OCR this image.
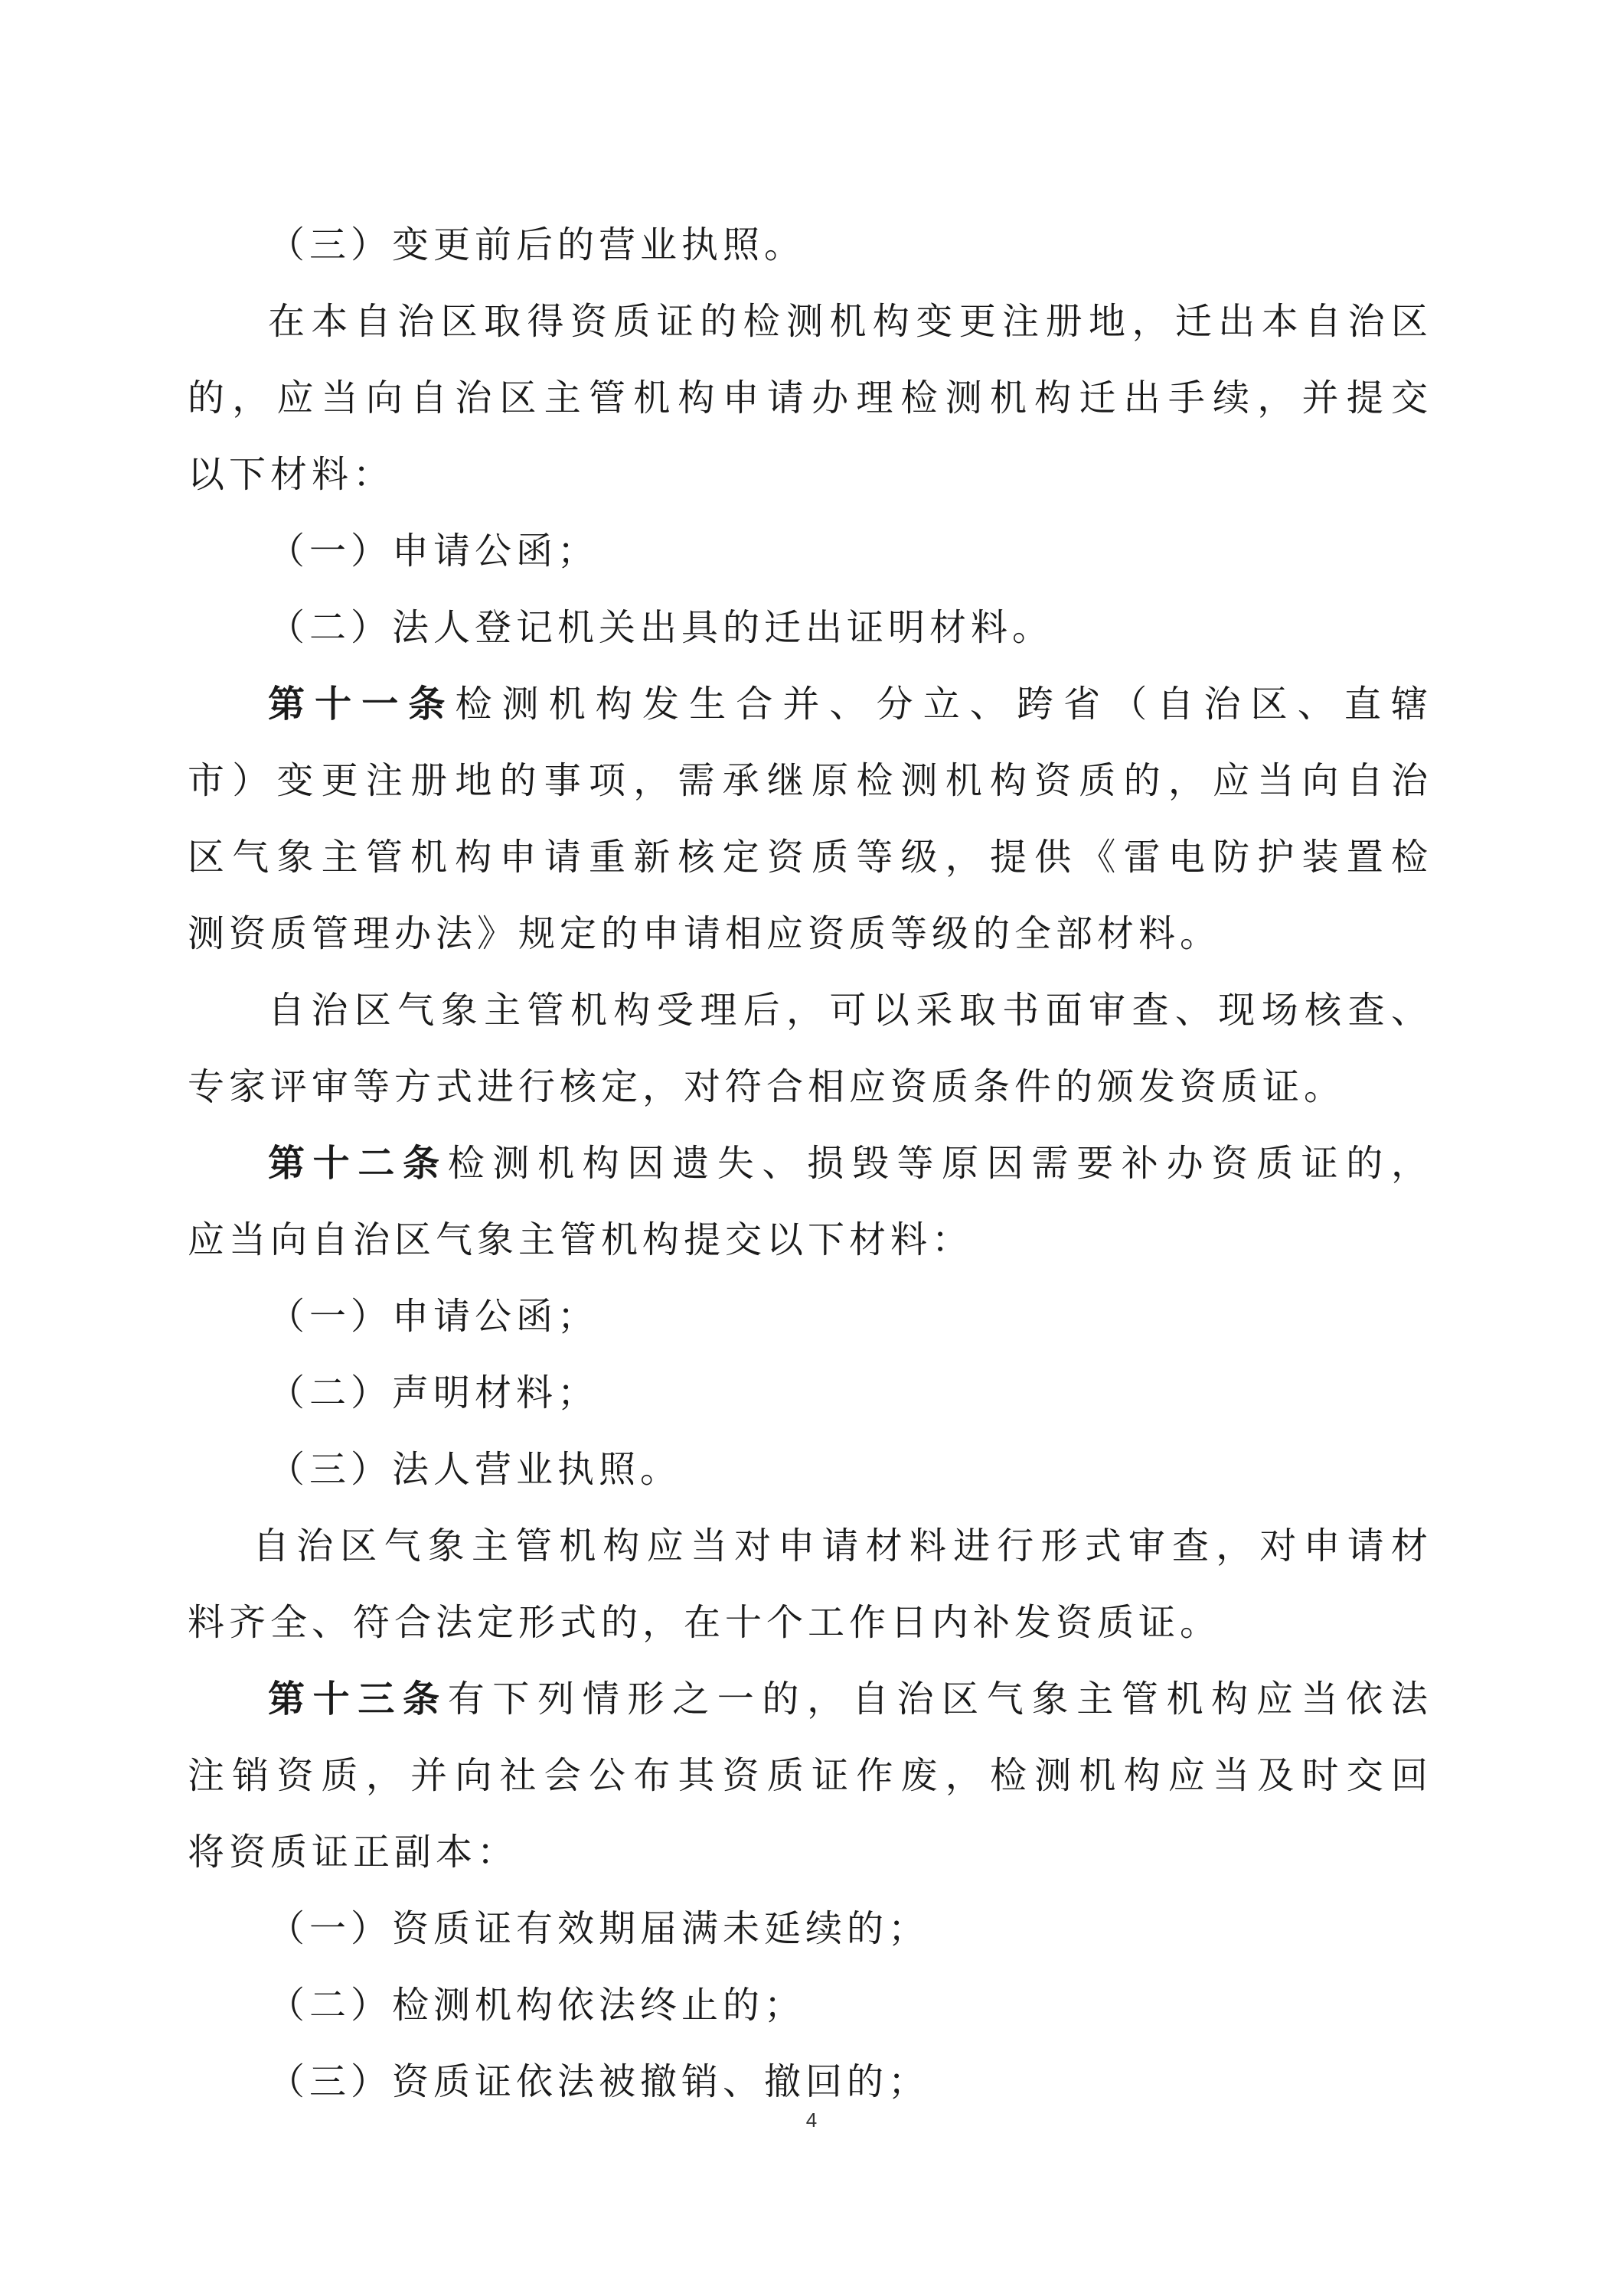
（三）变更前后的营业执照。
在本自治区取得资质证的检测机构变更注册地，迁出本自治区
的，应当向自治区主管机构申请办理检测机构迁出手续，并提交
以下材料：
（一）申请公函；
（二）法人登记机关出具的迁出证明材料。
第十一条检测机构发生合并、分立、跨省（自治区、直辖
市）变更注册地的事项，需承继原检测机构资质的，应当向自治
区气象主管机构申请重新核定资质等级，提供《雷电防护装置检
测资质管理办法》规定的申请相应资质等级的全部材料。
自治区气象主管机构受理后，可以采取书面审查、现场核查、
专家评审等方式进行核定，对符合相应资质条件的颁发资质证。
第十二条检测机构因遗失、损毁等原因需要补办资质证的，
应当向自治区气象主管机构提交以下材料：
（一）申请公函；
（二）声明材料；
（三）法人营业执照。
自治区气象主管机构应当对申请材料进行形式审查，对申请材
料齐全、符合法定形式的，在十个工作日内补发资质证。
第十三条有下列情形之一的，自治区气象主管机构应当依法
注销资质，并向社会公布其资质证作废，检测机构应当及时交回
将资质证正副本：
（一）资质证有效期届满未延续的；
（二）检测机构依法终止的；
（三）资质证依法被撤销、撤回的；
4
